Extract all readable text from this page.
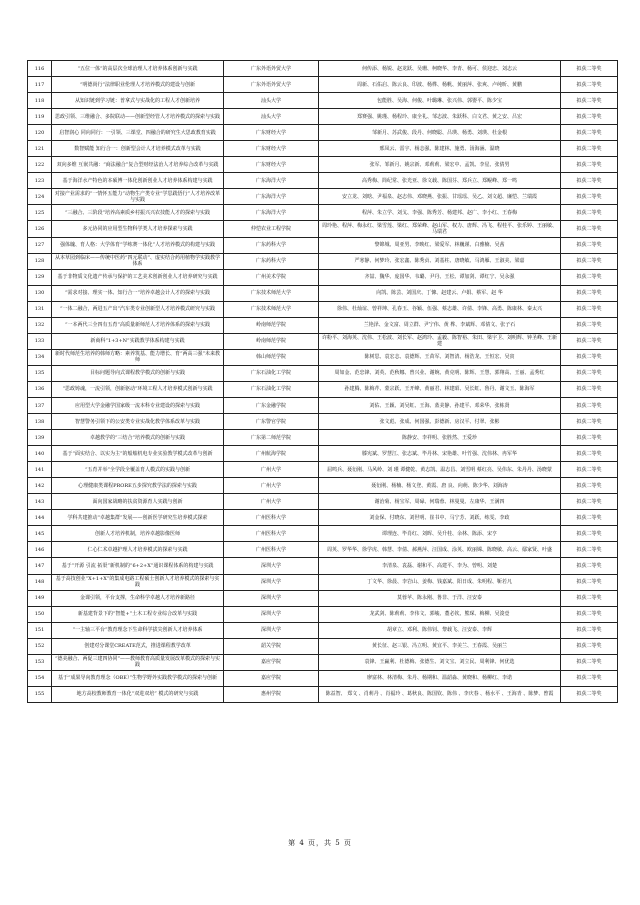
116	“五位一体”的高层次全球治理人才培养体系创新与实践	广东外语外贸大学	何传添、杨锐、赵龙跃、吴珊、柯晓华、李青、杨可、侯迎忠、刘志云	拟获二等奖
117	“明德尚行”法律职业伦理人才培养模式的建设与创新	广东外语外贸大学	周新、石佑启、陈云良、印波、杨桦、杨帆、黄丽萍、张爽、卢纯昕、黄鹏	拟获二等奖
118	从知识链到学习链：普拿式与实战化的工程人才创新培养	汕头大学	包能胜、吴海、何俊、叶璐琳、张兴伟、郭婴平、陈少宝	拟获二等奖
119	思政引领、三维融合、多院联动——创新型经管人才培养模式的探索与实践	汕头大学	郑赛强、姚瑾、杨程玲、康全礼、邹志波、朱跃科、白文君、黄之安、吕宏	拟获二等奖
120	启智润心 同向同行：一引领、三课堂、四融合的研究生大思政教育实践	广东财经大学	邹新月、苏武俊、段丹、何晓聪、吕瑛、杨勇、刘瑛、杜金根	拟获二等奖
121	数智赋能 知行合一：创新型会计人才培养模式改革与实践	广东财经大学	邢凤云、雷宇、杨志强、陈建林、施勇、汤海涵、温晓	拟获二等奖
122	双向多维 互嵌共融：“商法融合”复合型财经法治人才培养综合改革与实践	广东财经大学	张军、邹新月、姚宗新、邓莉莉、梁宏中、孟凯、李星、张倩男	拟获二等奖
123	基于海洋水产特色的本硕博一体化创新创业人才培养体系构建与实践	广东海洋大学	高秀梅、简纪常、张光亚、徐文载、陈国芬、郑兵立、郑鲲峰、郑一鸣	拟获二等奖
124	对接产业需求的“一情怀五能力”动物生产类专业“学思践悟行”人才培养改革与实践	广东海洋大学	安立龙、刘晗、尹福泉、赵志伟、邓晓燕、张振、甘瑶瑶、吴乙、刘文超、廉恺、兰瑞霞	拟获二等奖
125	“三融合、三阶段”培养高素质乡村振兴兴农技能人才的探索与实践	广东海洋大学	程萍、朱立学、刘戈、李强、陈秀芳、杨建邦、赵广、李小红、王春梅	拟获二等奖
126	多元协同的应用型生物科学类人才培养探索与实践	仲恺农业工程学院	周玲艳、程萍、梅永红、梁雪莲、梁红、郑荣峰、赵山军、权力、唐辉、冯飞、程桂平、张乐婷、王丽敏、马瑞君	拟获二等奖
127	强体魄、育人格：大学体育“学练赛一体化”人才培养模式的构建与实践	广东药科大学	黎锦城、周亚男、李映红、梁爱军、林巍谨、白雅楠、吴茜	拟获二等奖
128	从本草园到临床——传统中医药“四元联动”、虚实结合药用植物学实践教学体系	广东药科大学	严寒静、何梦玲、张宏鑫、陈秀贞、刘基柱、唐晓敏、马鸿雁、王淑美、梁嘉	拟获二等奖
129	基于非物质文化遗产传承与保护的工艺美术创新创业人才培养研究与实践	广州美术学院	齐喆、魏华、庞国华、韦璐、尹丹、王松、谭加剑、谭红宁、吴永强	拟获二等奖
130	“需求对接、理实一体、知行合一”培养卓越会计人才的探索与实践	广东技术师范大学	向凯、陈芸、刘国庆、丁慷、赵建云、卢娟、蔡军、赵 华	拟获二等奖
131	“一体二融合，两进五产出”汽车类专业创新型人才培养模式研究与实践	广东技术师范大学	徐伟、杜灿谊、曾祥坤、孔春玉、谷颖、伍强、蔡志雄、许倩、李锋、高勇、陈康林、秦太兴	拟获二等奖
132	“一本两代三全四有五育”高质量新师范人才培养体系的探索与实践	岭南师范学院	兰艳泽、金文富、周立群、尹宁伟、黄 桦、李斌辉、邓倩文、张子石	拟获二等奖
133	新商科“1+3+N”实践教学体系构建与实践	岭南师范学院	许粉平、刘海英、沈伟、王松波、刘长军、赵鸿玲、孟毅、陈智裕、朱田、梁宇卫、刘明辉、钟圣峰、王新建	拟获二等奖
134	新时代师范生培养的韩师方略：素养筑基、能力增长、育“两高三强”未来教师	韩山师范学院	陈树思、袁宏志、袁德辉、王苗军、刘智清、杨浩龙、王恒宏、吴寅	拟获二等奖
135	目标问题导向式课程教学模式的创新与实践	广东石油化工学院	周如金、范忠锋、刘英、范秋娜、曾兴业、谢婉、黄克明、陈辉、王慧、郭翔高、王丽、孟秀红	拟获二等奖
136	“思政铸魂，一流引领，创新驱动”环境工程人才培养模式创新与实践	广东石油化工学院	孙建腾、陈梅芹、蒙宗跃、王开峰、黄丽君、林建昭、吴长虹、鲁丹、谢文玉、陈海军	拟获二等奖
137	应用型大学金融学国家级一流本科专业建设的探索与实践	广东金融学院	刘佑、王颖、刘吴虹、王海、蓝美静、孙建平、邓荣华、张栋贤	拟获二等奖
138	智慧警务引领下的公安类专业实战化教学体系改革与实践	广东警官学院	张文彪、张成、何国强、彭德新、房汉平、付翠、张彬	拟获二等奖
139	卓越教学的“三结合”培养模式的创新与实践	广东第二师范学院	陈静安、李祥明、张胜然、王爱珍	拟获二等奖
140	基于“面实结合、以实为主”的船舶机电专业实验教学模式改革与创新	广州航海学院	滕宪斌、罗慧江、张志斌、毕丹林、宋艳雄、叶竹强、沈伟林、冉军华	拟获二等奖
141	“五育并举”全学段全覆盖育人模式的实践与创新	广州大学	屈鸣兵、聂衍刚、马风岭、刘 瑾 谭健乾、黄志凯、温志昌、刘雪明 蔡红亮、吴伟东、朱丹丹、汤晓蒙	拟获二等奖
142	心理健康类课程PRORE五步探究教学法的探索与实践	广州大学	聂衍刚、杨楠、杨文登、黄霞、唐 良、向萌、陈少华、刘海涛	拟获二等奖
143	面向国家战略的扶贫资源育人实践与创新	广州大学	谢治菊、杨宝军、周碌、何瑞蓉、林曼曼、左康华、王满四	拟获二等奖
144	学科共建推动“卓越集群”发展——创新医学研究生培养模式探索	广州医科大学	刘金保、付晓东、刘世明、崔书中、马宁芳、刘跃、练雯、李政	拟获二等奖
145	创新人才培养机制，培养卓越影像医师	广州医科大学	谭理连、毕肖红、刘晖、吴升桂、余林、陈添、宋亨	拟获二等奖
146	仁心仁术卓越护理人才培养模式的探索与实践	广州医科大学	周英、罗华华、徐学虎、韩慧、李倩、郝燕萍、汪国成、涂英、欧丽嫦、陈晓敏、高云、鄢家贤、叶盛	拟获二等奖
147	基于“开源 引流 拓渠”新机制的“6+2+X”通识课程体系的构建与实践	深圳大学	李清泉、袁磊、谢和平、高建平、李为、曾明、刘楚	拟获二等奖
148	基于高技创业“X+1+X”的集成电路工程硕士创新人才培养模式的探索与实践	深圳大学	丁文华、徐晨、李岩山、姜梅、钱嘉斌、阳日成、朱明程、靳若凡	拟获二等奖
149	金课引领，平台支撑，生命科学卓越人才培养新路径	深圳大学	莫蓉苹、陈永刚、鲁非、于洋、汪安泰	拟获二等奖
150	新基建背景下的“智能+”土木工程专业综合改革与实践	深圳大学	龙武剑、陈莉莉、李伟文、郭峻、董必钦、熊琛、梅柳、吴浚壹	拟获二等奖
151	“一主轴三平台”教育理念下生命科学拔尖创新人才培养体系	深圳大学	胡章立、邓利、陈伟钊、黎载飞、汪安泰、李辉	拟获二等奖
152	创建对分课堂CREATE范式，推进课程教学改革	韶关学院	黄长征、赵三银、冯立明、黄宜平、李美兰、王春霞、吴丽兰	拟获二等奖
153	“德美融合、两促三建四协同”——教师教育高质量发展改革模式的探索与实践	嘉应学院	袁锋、王赢利、杜德梅、张德生、刘文宝、刘立民、周利锋、何优选	拟获二等奖
154	基于“成果导向教育理念（OBE）”生物学野外实践教学模式的探索与创新	嘉应学院	廖富林、林清梅、朱丹、杨期和、温韶淼、黄晓和、杨柳红、李诺	拟获二等奖
155	地方高校教师教育一体化“双进双培” 模式的研究与实践	惠州学院	陈益智、 郑文 、肖莉丹 、肖福玲 、葛秋良、陈国钦、陈伟 、李庆春 、杨水平 、王海青 、陈梦、曾霞	拟获二等奖
第 4 页，共 5 页
